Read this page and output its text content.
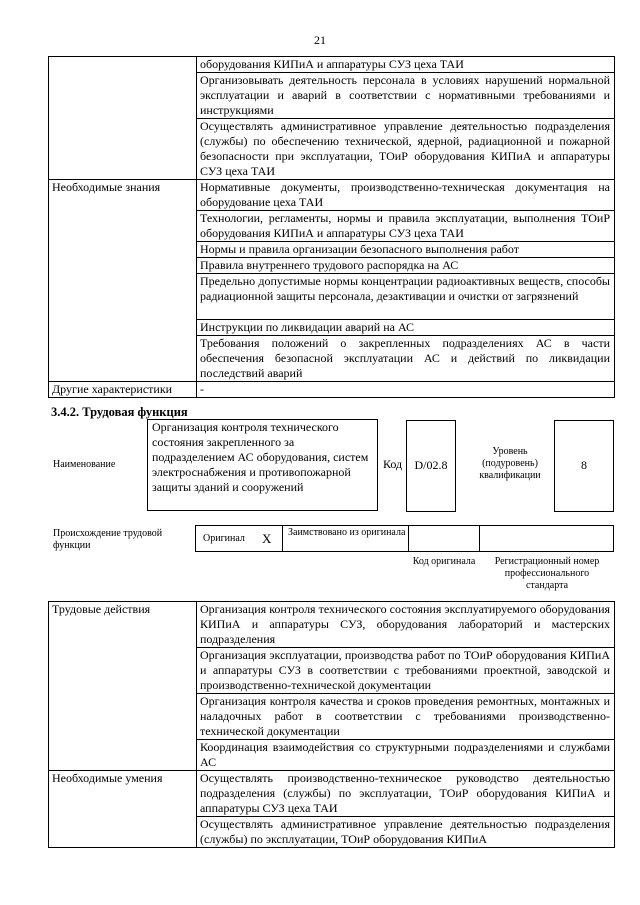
21
	оборудования КИПиА и аппаратуры СУЗ цеха ТАИ
	Организовывать деятельность персонала в условиях нарушений нормальной эксплуатации и аварий в соответствии с нормативными требованиями и инструкциями
	Осуществлять административное управление деятельностью подразделения (службы) по обеспечению технической, ядерной, радиационной и пожарной безопасности при эксплуатации, ТОиР оборудования КИПиА и аппаратуры СУЗ цеха ТАИ
Необходимые знания	Нормативные документы, производственно-техническая документация на оборудование цеха ТАИ
	Технологии, регламенты, нормы и правила эксплуатации, выполнения ТОиР оборудования КИПиА и аппаратуры СУЗ цеха ТАИ
	Нормы и правила организации безопасного выполнения работ
	Правила внутреннего трудового распорядка на АС
	Предельно допустимые нормы концентрации радиоактивных веществ, способы радиационной защиты персонала, дезактивации и очистки от загрязнений
	Инструкции по ликвидации аварий на АС
	Требования положений о закрепленных подразделениях АС в части обеспечения безопасной эксплуатации АС и действий по ликвидации последствий аварий
Другие характеристики	-
3.4.2. Трудовая функция
Наименование
Организация контроля технического состояния закрепленного за подразделением АС оборудования, систем электроснабжения и противопожарной защиты зданий и сооружений
Код	D/02.8
Уровень (подуровень) квалификации
8
Происхождение трудовой функции
Оригинал X Заимствовано из оригинала
Код оригинала	Регистрационный номер профессионального стандарта
Трудовые действия	Организация контроля технического состояния эксплуатируемого оборудования КИПиА и аппаратуры СУЗ, оборудования лабораторий и мастерских подразделения
	Организация эксплуатации, производства работ по ТОиР оборудования КИПиА и аппаратуры СУЗ в соответствии с требованиями проектной, заводской и производственно-технической документации
	Организация контроля качества и сроков проведения ремонтных, монтажных и наладочных работ в соответствии с требованиями производственно-технической документации
	Координация взаимодействия со структурными подразделениями и службами АС
Необходимые умения	Осуществлять производственно-техническое руководство деятельностью подразделения (службы) по эксплуатации, ТОиР оборудования КИПиА и аппаратуры СУЗ цеха ТАИ
	Осуществлять административное управление деятельностью подразделения (службы) по эксплуатации, ТОиР оборудования КИПиА
